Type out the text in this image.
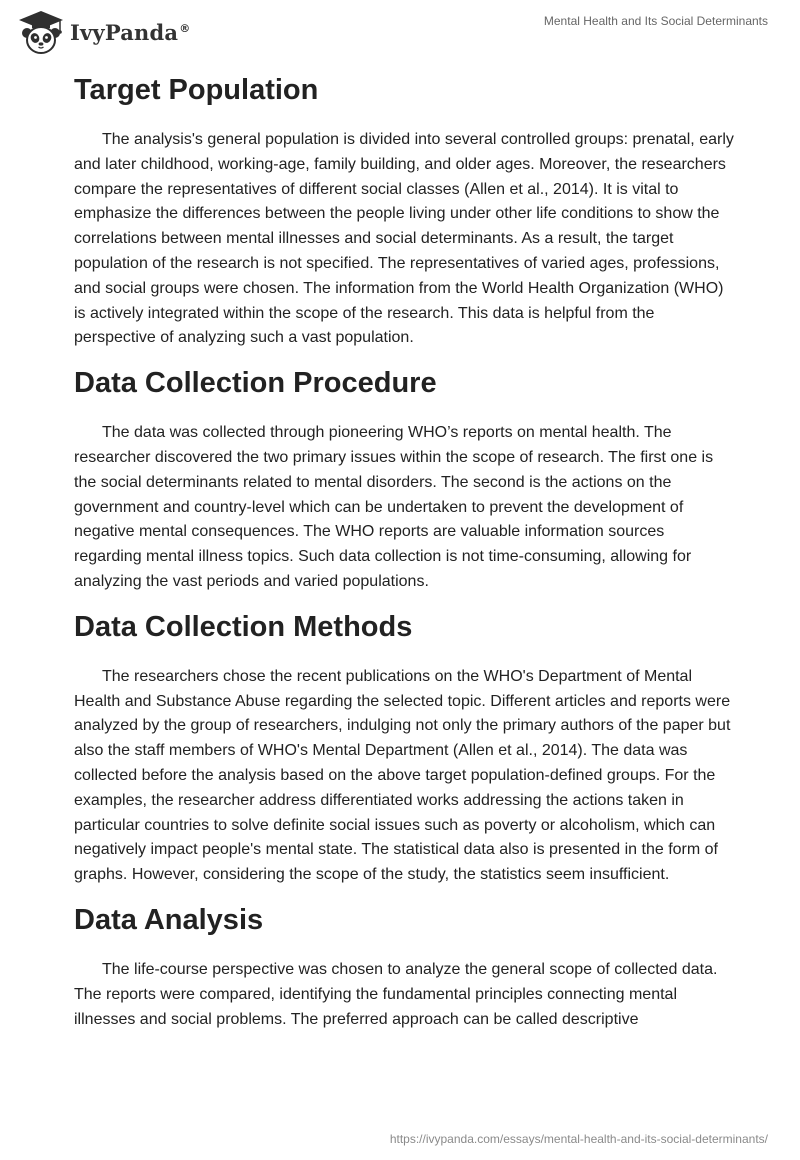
IvyPanda®	Mental Health and Its Social Determinants
Target Population

The analysis's general population is divided into several controlled groups: prenatal, early and later childhood, working-age, family building, and older ages. Moreover, the researchers compare the representatives of different social classes (Allen et al., 2014). It is vital to emphasize the differences between the people living under other life conditions to show the correlations between mental illnesses and social determinants. As a result, the target population of the research is not specified. The representatives of varied ages, professions, and social groups were chosen. The information from the World Health Organization (WHO) is actively integrated within the scope of the research. This data is helpful from the perspective of analyzing such a vast population.

Data Collection Procedure

The data was collected through pioneering WHO’s reports on mental health. The researcher discovered the two primary issues within the scope of research. The first one is the social determinants related to mental disorders. The second is the actions on the government and country-level which can be undertaken to prevent the development of negative mental consequences. The WHO reports are valuable information sources regarding mental illness topics. Such data collection is not time-consuming, allowing for analyzing the vast periods and varied populations.

Data Collection Methods

The researchers chose the recent publications on the WHO's Department of Mental Health and Substance Abuse regarding the selected topic. Different articles and reports were analyzed by the group of researchers, indulging not only the primary authors of the paper but also the staff members of WHO's Mental Department (Allen et al., 2014). The data was collected before the analysis based on the above target population-defined groups. For the examples, the researcher address differentiated works addressing the actions taken in particular countries to solve definite social issues such as poverty or alcoholism, which can negatively impact people's mental state. The statistical data also is presented in the form of graphs. However, considering the scope of the study, the statistics seem insufficient.

Data Analysis

The life-course perspective was chosen to analyze the general scope of collected data. The reports were compared, identifying the fundamental principles connecting mental illnesses and social problems. The preferred approach can be called descriptive

https://ivypanda.com/essays/mental-health-and-its-social-determinants/
